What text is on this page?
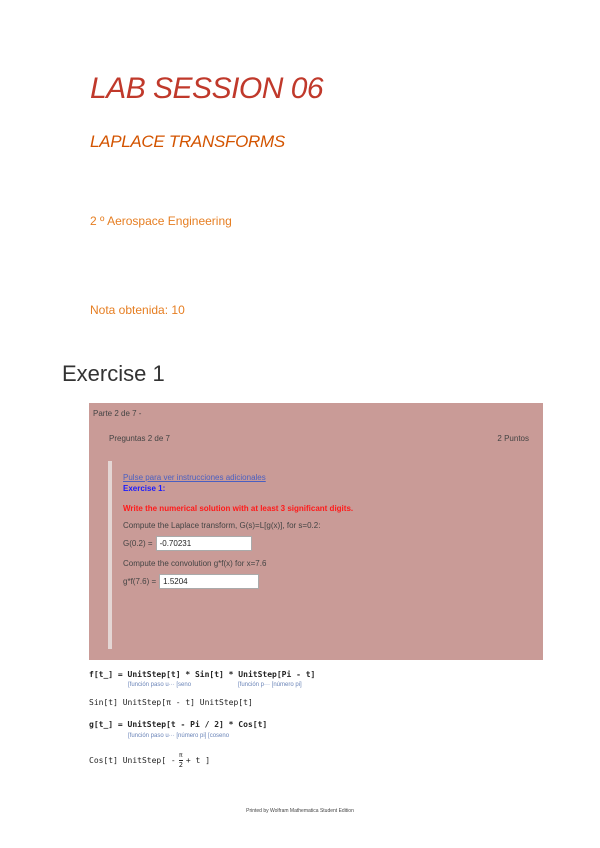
LAB SESSION 06
LAPLACE TRANSFORMS
2 º Aerospace Engineering
Nota obtenida: 10
Exercise 1
Parte 2 de 7 -
Preguntas 2 de 7	2 Puntos
Pulse para ver instrucciones adicionales
Exercise 1:
Write the numerical solution with at least 3 significant digits.
Compute the Laplace transform, G(s)=L[g(x)], for s=0.2:
G(0.2) =
-0.70231
Compute the convolution g*f(x) for x=7.6
g*f(7.6) =
1.5204
f[t_] = UnitStep[t] * Sin[t] * UnitStep[Pi - t]
[función paso u··· [seno	[función p··· [número pi]
Sin[t] UnitStep[π - t] UnitStep[t]
g[t_] = UnitStep[t - Pi / 2] * Cos[t]
[función paso u··· [número pi] [coseno
Cos[t] UnitStep[ - $\frac{\pi}{2} + t$ ]
Printed by Wolfram Mathematica Student Edition
